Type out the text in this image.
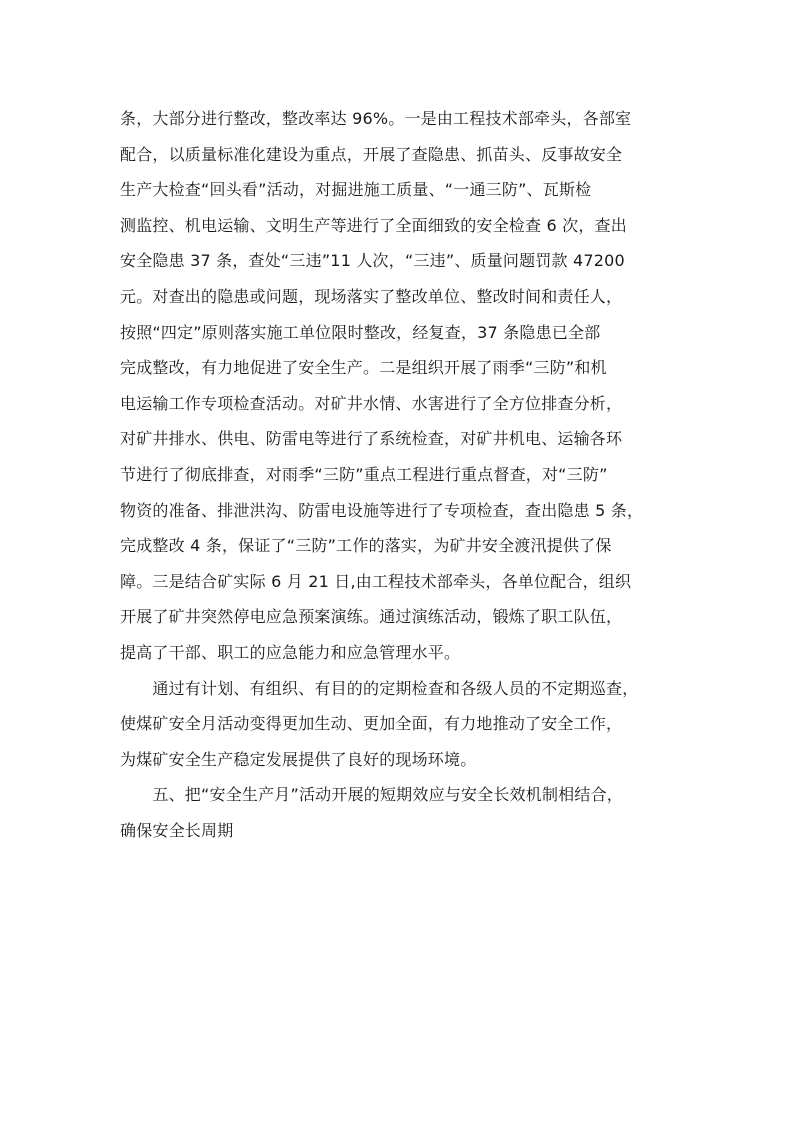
条，大部分进行整改，整改率达 96%。一是由工程技术部牵头，各部室
配合，以质量标准化建设为重点，开展了查隐患、抓苗头、反事故安全
生产大检查“回头看”活动，对掘进施工质量、“一通三防”、瓦斯检
测监控、机电运输、文明生产等进行了全面细致的安全检查 6 次，查出
安全隐患 37 条，查处“三违”11 人次，“三违”、质量问题罚款 47200
元。对查出的隐患或问题，现场落实了整改单位、整改时间和责任人，
按照“四定”原则落实施工单位限时整改，经复查，37 条隐患已全部
完成整改，有力地促进了安全生产。二是组织开展了雨季“三防”和机
电运输工作专项检查活动。对矿井水情、水害进行了全方位排查分析，
对矿井排水、供电、防雷电等进行了系统检查，对矿井机电、运输各环
节进行了彻底排查，对雨季“三防”重点工程进行重点督查，对“三防”
物资的准备、排泄洪沟、防雷电设施等进行了专项检查，查出隐患 5 条，
完成整改 4 条，保证了“三防”工作的落实，为矿井安全渡汛提供了保
障。三是结合矿实际 6 月 21 日,由工程技术部牵头，各单位配合，组织
开展了矿井突然停电应急预案演练。通过演练活动，锻炼了职工队伍，
提高了干部、职工的应急能力和应急管理水平。
　　通过有计划、有组织、有目的的定期检查和各级人员的不定期巡查，
使煤矿安全月活动变得更加生动、更加全面，有力地推动了安全工作，
为煤矿安全生产稳定发展提供了良好的现场环境。
　　五、把“安全生产月”活动开展的短期效应与安全长效机制相结合，
确保安全长周期
